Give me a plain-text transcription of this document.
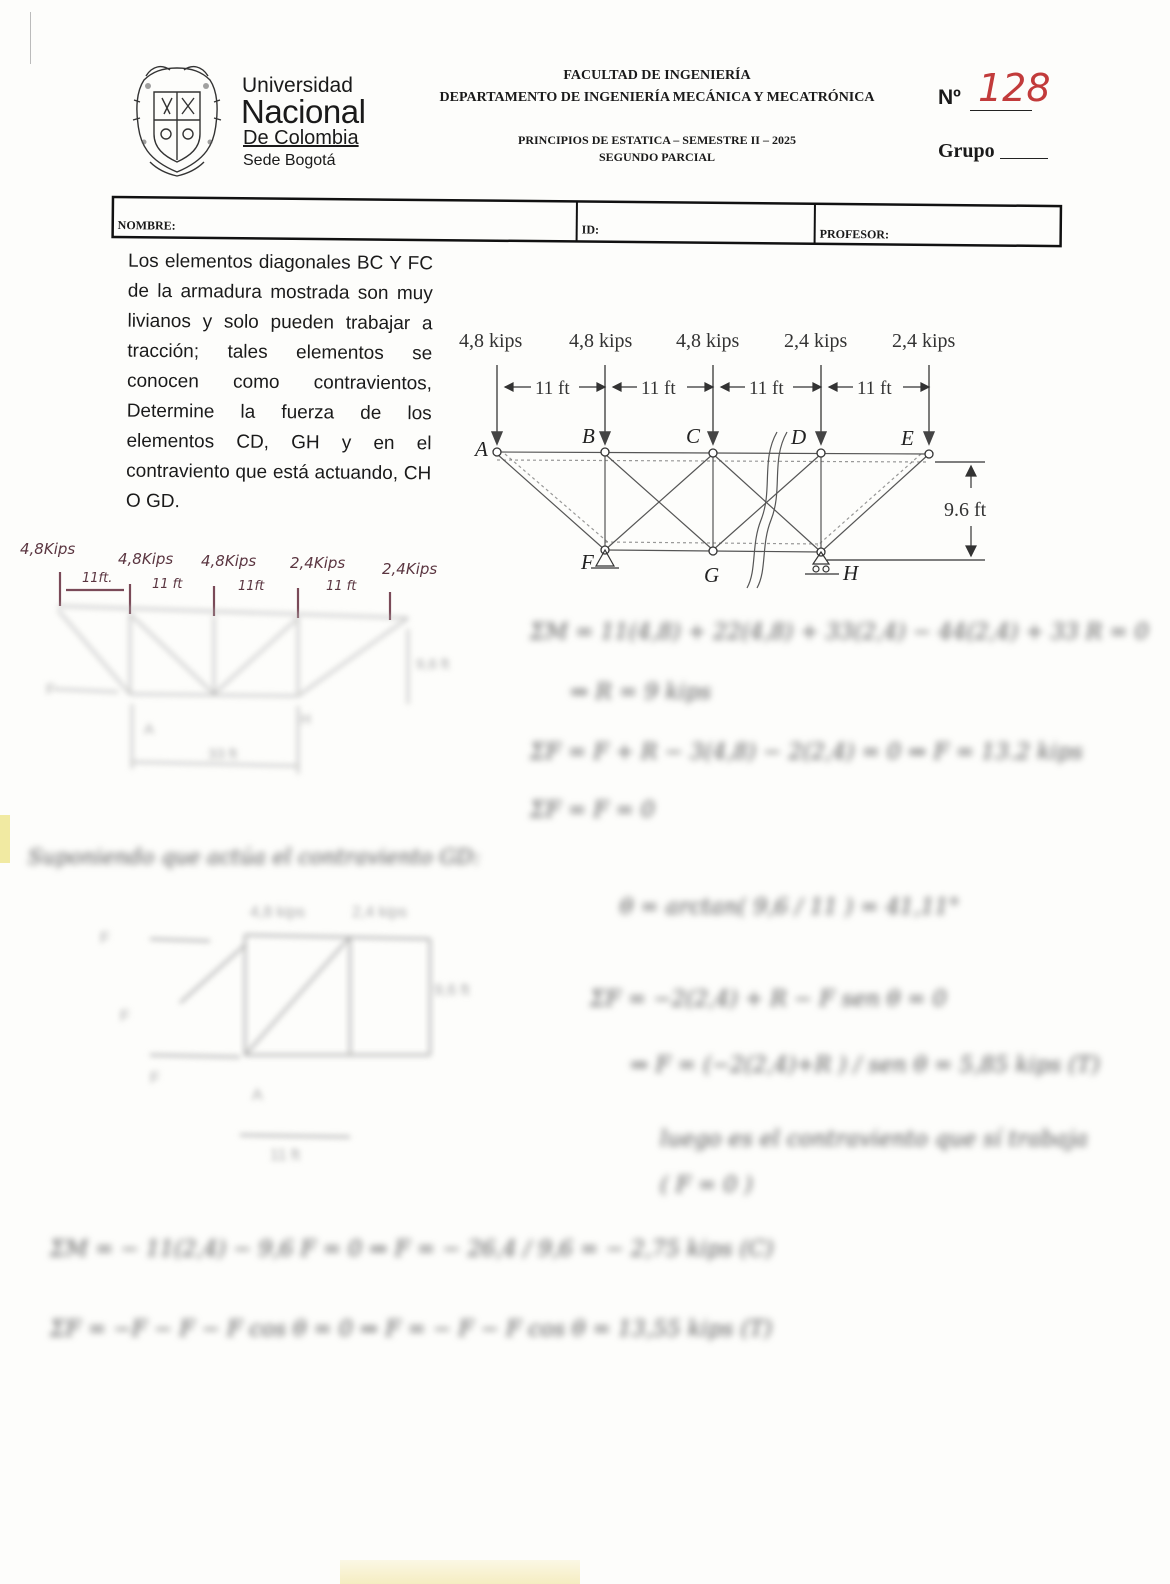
Universidad
Nacional
De Colombia
Sede Bogotá
FACULTAD DE INGENIERÍA
DEPARTAMENTO DE INGENIERÍA MECÁNICA Y MECATRÓNICA
PRINCIPIOS DE ESTATICA – SEMESTRE II – 2025
SEGUNDO PARCIAL
Nº 128
Grupo
NOMBRE:	ID:	PROFESOR:
Los elementos diagonales BC Y FC de la armadura mostrada son muy livianos y solo pueden trabajar a tracción; tales elementos se conocen como contravientos, Determine la fuerza de los elementos CD, GH y en el contraviento que está actuando, CH O GD.
4,8 kips 4,8 kips 4,8 kips 2,4 kips 2,4 kips
11 ft	11 ft	11 ft	11 ft
9.6 ft
A
B	C	D	E
F
G	H
4,8Kips
4,8Kips 4,8Kips 2,4Kips 2,4Kips
11ft.	11 ft	11ft	11 ft
F
A
H
33 ft
9,6 ft
ΣM = 11(4,8) + 22(4,8) + 33(2,4) − 44(2,4) + 33 R = 0
⇒ R = 9 kips
ΣF = F + R − 3(4,8) − 2(2,4) = 0 ⇒ F = 13.2 kips
ΣF = F = 0
Suponiendo que actúa el contraviento GD:
F
F
F
4,8 kips	2,4 kips
9,6 ft
A
11 ft
θ = arctan( 9,6 / 11 ) = 41,11°
ΣF = −2(2,4) + R − F sen θ = 0
⇒ F = (−2(2,4)+R ) / sen θ = 5,85 kips (T)
luego es el contraviento que sí trabaja
( F = 0 )
ΣM = − 11(2,4) − 9,6 F = 0 ⇒ F = − 26,4 / 9,6 = − 2,75 kips (C)
ΣF = −F − F − F cos θ = 0 ⇒ F = − F − F cos θ = 13,55 kips (T)
